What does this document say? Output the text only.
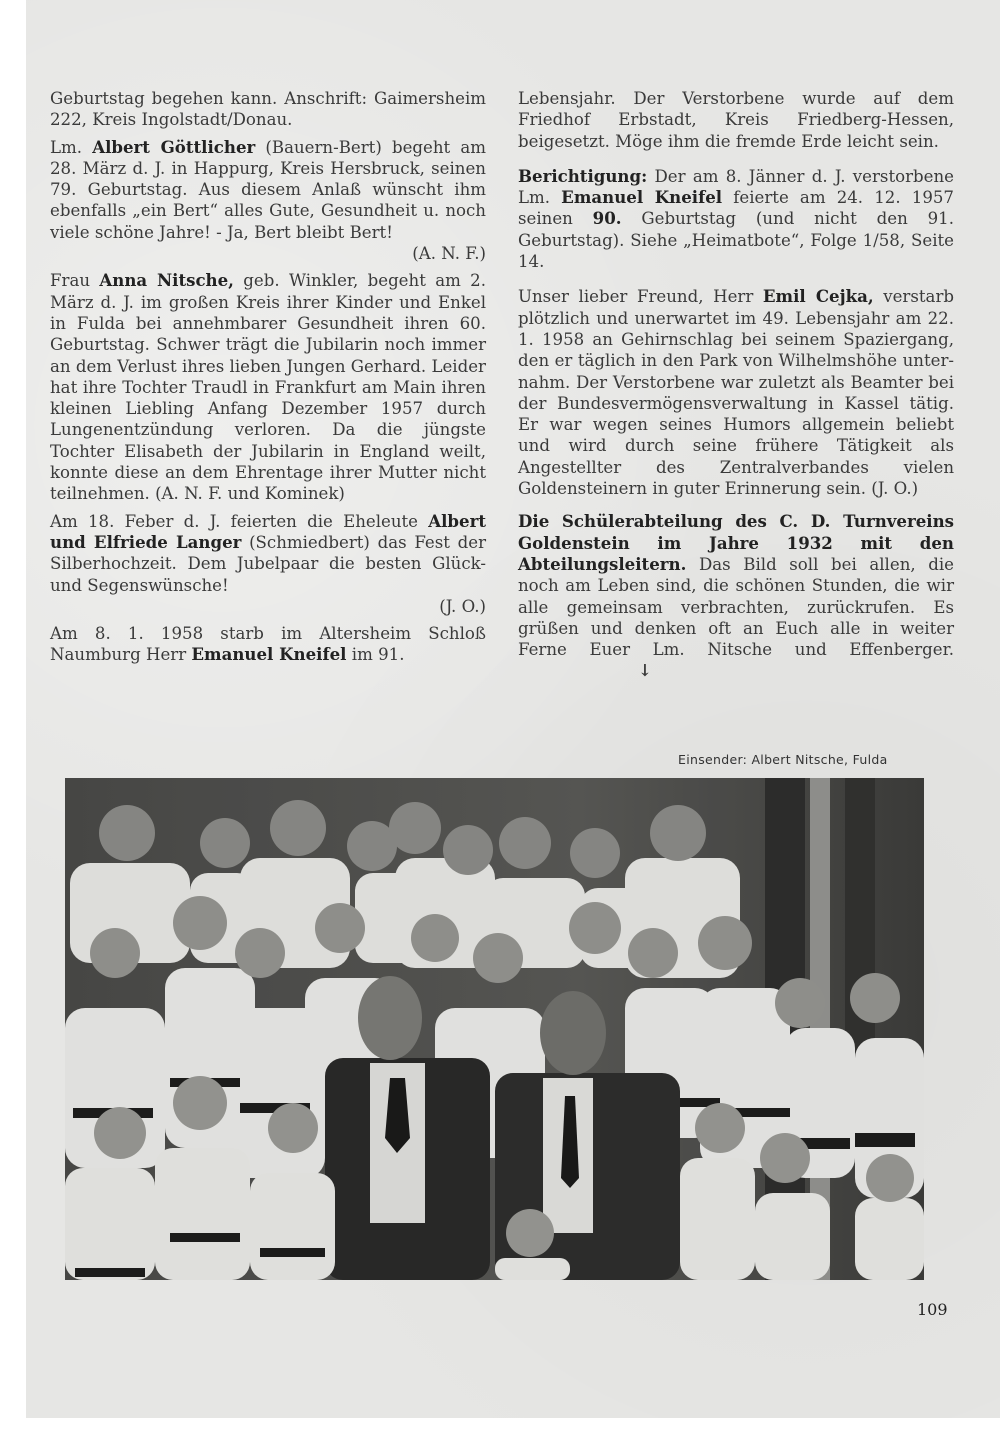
Geburtstag begehen kann. Anschrift: Gaimersheim 222, Kreis Ingolstadt/Donau.

Lm. Albert Göttlicher (Bauern-Bert) begeht am 28. März d. J. in Happurg, Kreis Hersbruck, seinen 79. Geburtstag. Aus diesem Anlaß wünscht ihm ebenfalls „ein Bert“ alles Gute, Gesundheit u. noch viele schöne Jahre! - Ja, Bert bleibt Bert!
(A. N. F.)

Frau Anna Nitsche, geb. Winkler, begeht am 2. März d. J. im großen Kreis ihrer Kinder und Enkel in Fulda bei annehmbarer Gesundheit ihren 60. Geburtstag. Schwer trägt die Jubilarin noch immer an dem Verlust ihres lieben Jungen Gerhard. Leider hat ihre Tochter Traudl in Frankfurt am Main ihren kleinen Liebling Anfang Dezember 1957 durch Lungenentzündung verloren. Da die jüngste Tochter Elisabeth der Jubilarin in England weilt, konnte diese an dem Ehrentage ihrer Mutter nicht teilnehmen. (A. N. F. und Kominek)

Am 18. Feber d. J. feierten die Eheleute Albert und Elfriede Langer (Schmiedbert) das Fest der Silberhochzeit. Dem Jubelpaar die besten Glück- und Segenswünsche!
(J. O.)

Am 8. 1. 1958 starb im Altersheim Schloß Naumburg Herr Emanuel Kneifel im 91.

Lebensjahr. Der Verstorbene wurde auf dem Friedhof Erbstadt, Kreis Friedberg-Hessen, beigesetzt. Möge ihm die fremde Erde leicht sein.

Berichtigung: Der am 8. Jänner d. J. verstorbene Lm. Emanuel Kneifel feierte am 24. 12. 1957 seinen 90. Geburtstag (und nicht den 91. Geburtstag). Siehe „Heimatbote“, Folge 1/58, Seite 14.

Unser lieber Freund, Herr Emil Cejka, verstarb plötzlich und unerwartet im 49. Lebensjahr am 22. 1. 1958 an Gehirnschlag bei seinem Spaziergang, den er täglich in den Park von Wilhelmshöhe unternahm. Der Verstorbene war zuletzt als Beamter bei der Bundesvermögensverwaltung in Kassel tätig. Er war wegen seines Humors allgemein beliebt und wird durch seine frühere Tätigkeit als Angestellter des Zentralverbandes vielen Goldensteinern in guter Erinnerung sein. (J. O.)

Die Schülerabteilung des C. D. Turnvereins Goldenstein im Jahre 1932 mit den Abteilungsleitern. Das Bild soll bei allen, die noch am Leben sind, die schönen Stunden, die wir alle gemeinsam verbrachten, zurückrufen. Es grüßen und denken oft an Euch alle in weiter Ferne Euer Lm. Nitsche und Effenberger.↓

Einsender: Albert Nitsche, Fulda
109
